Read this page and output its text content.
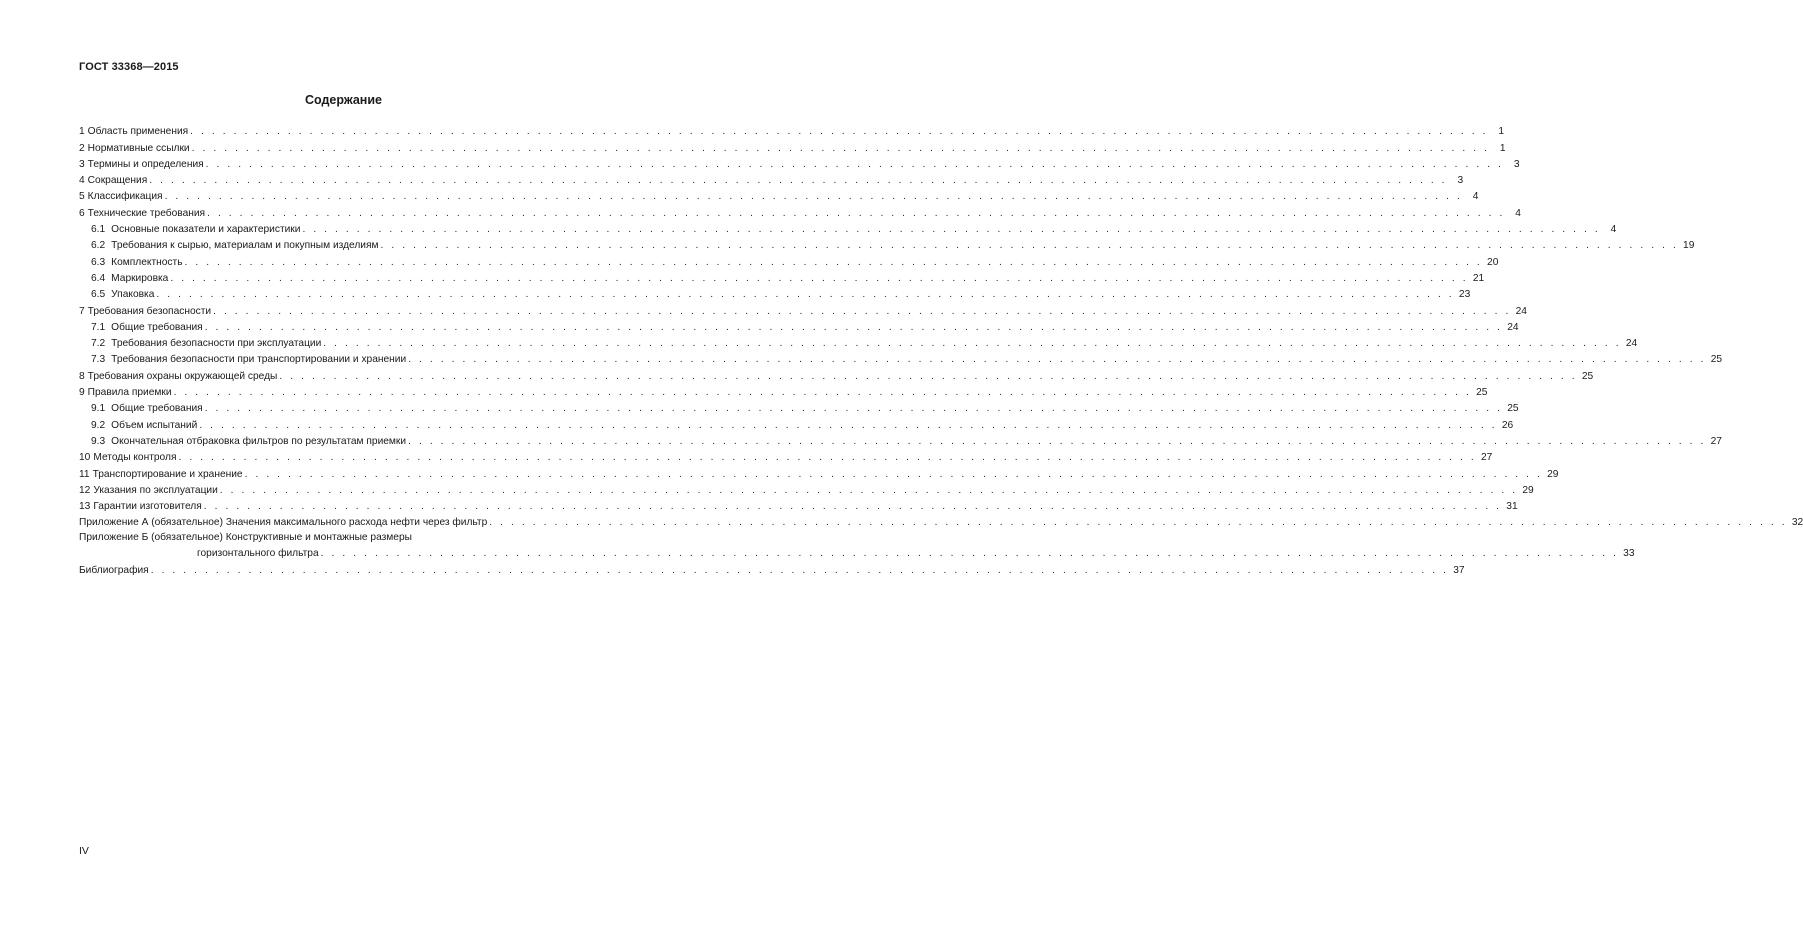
ГОСТ 33368—2015
Содержание
1 Область применения . . . . . . . . . . . . . . . . . . . . . . . . . . . . . . . . . . . . . . . . . . . . . . . . . . . . . . . . . . . . . . . . . . . . . . . . . . . . . . . . . . . . . . . . . . . . . . . . . . . . . . . . . . . . . . . . . . . . . . . .	1
2 Нормативные ссылки . . . . . . . . . . . . . . . . . . . . . . . . . . . . . . . . . . . . . . . . . . . . . . . . . . . . . . . . . . . . . . . . . . . . . . . . . . . . . . . . . . . . . . . . . . . . . . . . . . . . . . . . . . . . . . . . . . . . . . . .	1
3 Термины и определения . . . . . . . . . . . . . . . . . . . . . . . . . . . . . . . . . . . . . . . . . . . . . . . . . . . . . . . . . . . . . . . . . . . . . . . . . . . . . . . . . . . . . . . . . . . . . . . . . . . . . . . . . . . . . . . . . . . . . . . .	3
4 Сокращения . . . . . . . . . . . . . . . . . . . . . . . . . . . . . . . . . . . . . . . . . . . . . . . . . . . . . . . . . . . . . . . . . . . . . . . . . . . . . . . . . . . . . . . . . . . . . . . . . . . . . . . . . . . . . . . . . . . . . . . .	3
5 Классификация . . . . . . . . . . . . . . . . . . . . . . . . . . . . . . . . . . . . . . . . . . . . . . . . . . . . . . . . . . . . . . . . . . . . . . . . . . . . . . . . . . . . . . . . . . . . . . . . . . . . . . . . . . . . . . . . . . . . . . . .	4
6 Технические требования . . . . . . . . . . . . . . . . . . . . . . . . . . . . . . . . . . . . . . . . . . . . . . . . . . . . . . . . . . . . . . . . . . . . . . . . . . . . . . . . . . . . . . . . . . . . . . . . . . . . . . . . . . . . . . . . . . . . . . . .	4
6.1 Основные показатели и характеристики . . . . . . . . . . . . . . . . . . . . . . . . . . . . . . . . . . . . . . . . . . . . . . . . . . . . . . . . . . . . . . . . . . . . . . . . . . . . . . . . . . . . . . . . . . . . . . . . . . . . . . . . . . . . . . . . . . . . . . . .	4
6.2 Требования к сырью, материалам и покупным изделиям . . . . . . . . . . . . . . . . . . . . . . . . . . . . . . . . . . . . . . . . . . . . . . . . . . . . . . . . . . . . . . . . . . . . . . . . . . . . . . . . . . . . . . . . . . . . . . . . . . . . . . . . . . . . . . . . . . . . . . . . 19
6.3 Комплектность . . . . . . . . . . . . . . . . . . . . . . . . . . . . . . . . . . . . . . . . . . . . . . . . . . . . . . . . . . . . . . . . . . . . . . . . . . . . . . . . . . . . . . . . . . . . . . . . . . . . . . . . . . . . . . . . . . . . . . . . 20
6.4 Маркировка . . . . . . . . . . . . . . . . . . . . . . . . . . . . . . . . . . . . . . . . . . . . . . . . . . . . . . . . . . . . . . . . . . . . . . . . . . . . . . . . . . . . . . . . . . . . . . . . . . . . . . . . . . . . . . . . . . . . . . . . 21
6.5 Упаковка . . . . . . . . . . . . . . . . . . . . . . . . . . . . . . . . . . . . . . . . . . . . . . . . . . . . . . . . . . . . . . . . . . . . . . . . . . . . . . . . . . . . . . . . . . . . . . . . . . . . . . . . . . . . . . . . . . . . . . . . 23
7 Требования безопасности . . . . . . . . . . . . . . . . . . . . . . . . . . . . . . . . . . . . . . . . . . . . . . . . . . . . . . . . . . . . . . . . . . . . . . . . . . . . . . . . . . . . . . . . . . . . . . . . . . . . . . . . . . . . . . . . . . . . . . . . 24
7.1 Общие требования . . . . . . . . . . . . . . . . . . . . . . . . . . . . . . . . . . . . . . . . . . . . . . . . . . . . . . . . . . . . . . . . . . . . . . . . . . . . . . . . . . . . . . . . . . . . . . . . . . . . . . . . . . . . . . . . . . . . . . . . 24
7.2 Требования безопасности при эксплуатации . . . . . . . . . . . . . . . . . . . . . . . . . . . . . . . . . . . . . . . . . . . . . . . . . . . . . . . . . . . . . . . . . . . . . . . . . . . . . . . . . . . . . . . . . . . . . . . . . . . . . . . . . . . . . . . . . . . . . . . . 24
7.3 Требования безопасности при транспортировании и хранении . . . . . . . . . . . . . . . . . . . . . . . . . . . . . . . . . . . . . . . . . . . . . . . . . . . . . . . . . . . . . . . . . . . . . . . . . . . . . . . . . . . . . . . . . . . . . . . . . . . . . . . . . . . . . . . . . . . . . . . . 25
8 Требования охраны окружающей среды . . . . . . . . . . . . . . . . . . . . . . . . . . . . . . . . . . . . . . . . . . . . . . . . . . . . . . . . . . . . . . . . . . . . . . . . . . . . . . . . . . . . . . . . . . . . . . . . . . . . . . . . . . . . . . . . . . . . . . . . 25
9 Правила приемки . . . . . . . . . . . . . . . . . . . . . . . . . . . . . . . . . . . . . . . . . . . . . . . . . . . . . . . . . . . . . . . . . . . . . . . . . . . . . . . . . . . . . . . . . . . . . . . . . . . . . . . . . . . . . . . . . . . . . . . . 25
9.1 Общие требования . . . . . . . . . . . . . . . . . . . . . . . . . . . . . . . . . . . . . . . . . . . . . . . . . . . . . . . . . . . . . . . . . . . . . . . . . . . . . . . . . . . . . . . . . . . . . . . . . . . . . . . . . . . . . . . . . . . . . . . . 25
9.2 Объем испытаний . . . . . . . . . . . . . . . . . . . . . . . . . . . . . . . . . . . . . . . . . . . . . . . . . . . . . . . . . . . . . . . . . . . . . . . . . . . . . . . . . . . . . . . . . . . . . . . . . . . . . . . . . . . . . . . . . . . . . . . . 26
9.3 Окончательная отбраковка фильтров по результатам приемки . . . . . . . . . . . . . . . . . . . . . . . . . . . . . . . . . . . . . . . . . . . . . . . . . . . . . . . . . . . . . . . . . . . . . . . . . . . . . . . . . . . . . . . . . . . . . . . . . . . . . . . . . . . . . . . . . . . . . . . . 27
10 Методы контроля . . . . . . . . . . . . . . . . . . . . . . . . . . . . . . . . . . . . . . . . . . . . . . . . . . . . . . . . . . . . . . . . . . . . . . . . . . . . . . . . . . . . . . . . . . . . . . . . . . . . . . . . . . . . . . . . . . . . . . . . 27
11 Транспортирование и хранение . . . . . . . . . . . . . . . . . . . . . . . . . . . . . . . . . . . . . . . . . . . . . . . . . . . . . . . . . . . . . . . . . . . . . . . . . . . . . . . . . . . . . . . . . . . . . . . . . . . . . . . . . . . . . . . . . . . . . . . . 29
12 Указания по эксплуатации . . . . . . . . . . . . . . . . . . . . . . . . . . . . . . . . . . . . . . . . . . . . . . . . . . . . . . . . . . . . . . . . . . . . . . . . . . . . . . . . . . . . . . . . . . . . . . . . . . . . . . . . . . . . . . . . . . . . . . . . 29
13 Гарантии изготовителя . . . . . . . . . . . . . . . . . . . . . . . . . . . . . . . . . . . . . . . . . . . . . . . . . . . . . . . . . . . . . . . . . . . . . . . . . . . . . . . . . . . . . . . . . . . . . . . . . . . . . . . . . . . . . . . . . . . . . . . . 31
Приложение А (обязательное) Значения максимального расхода нефти через фильтр . . . . . . . . . . . . . . . . . . . . . . . . . . . . . . . . . . . . . . . . . . . . . . . . . . . . . . . . . . . . . . . . . . . . . . . . . . . . . . . . . . . . . . . . . . . . . . . . . . . . . . . . . . . . . . . . . . . . . . . . 32
Приложение Б (обязательное) Конструктивные и монтажные размеры
горизонтального фильтра . . . . . . . . . . . . . . . . . . . . . . . . . . . . . . . . . . . . . . . . . . . . . . . . . . . . . . . . . . . . . . . . . . . . . . . . . . . . . . . . . . . . . . . . . . . . . . . . . . . . . . . . . . . . . . . . . . . . . . . . 33
Библиография . . . . . . . . . . . . . . . . . . . . . . . . . . . . . . . . . . . . . . . . . . . . . . . . . . . . . . . . . . . . . . . . . . . . . . . . . . . . . . . . . . . . . . . . . . . . . . . . . . . . . . . . . . . . . . . . . . . . . . . . 37
IV
